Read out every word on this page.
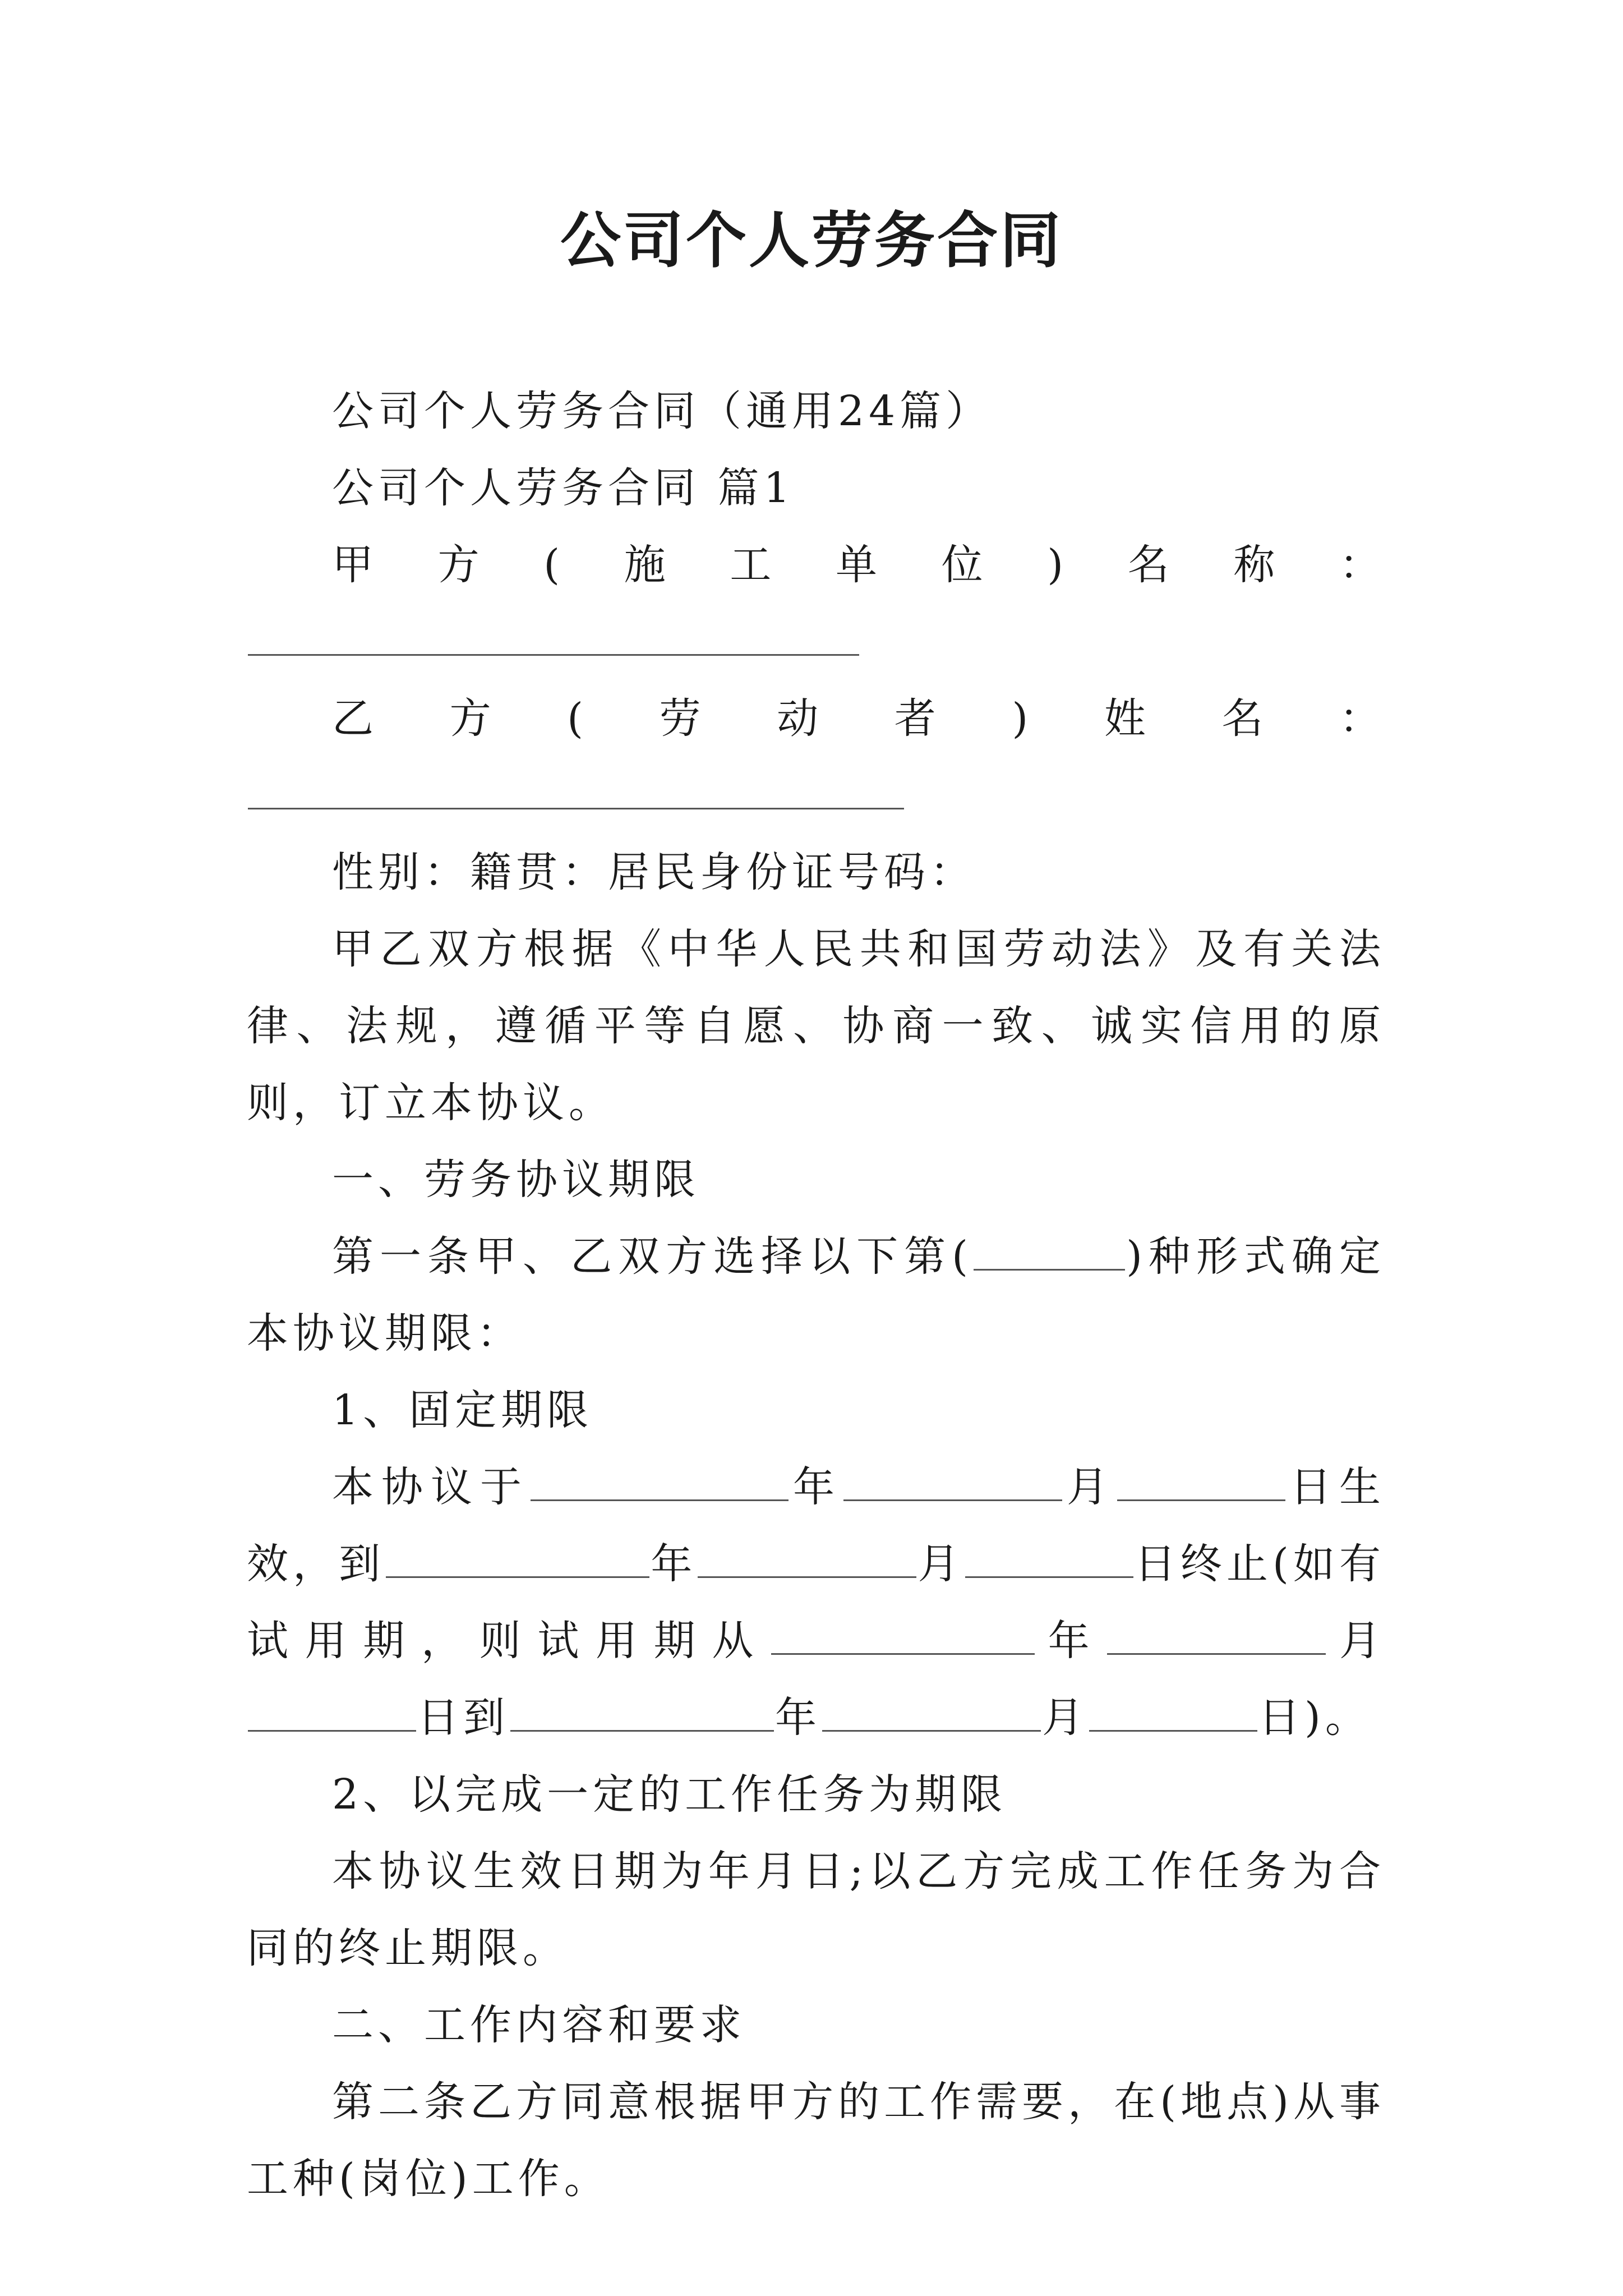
公司个人劳务合同

公司个人劳务合同（通用24篇）

公司个人劳务合同 篇1

甲方(施工单位)名称：

乙方(劳动者)姓名：

性别：籍贯：居民身份证号码：

甲乙双方根据《中华人民共和国劳动法》及有关法律、法规，遵循平等自愿、协商一致、诚实信用的原则，订立本协议。

一、劳务协议期限

第一条甲、乙双方选择以下第(	)种形式确定本协议期限：

1、固定期限

本协议于	年	月	日生效，到	年	月	日终止(如有试用期，则试用期从	年	月日到	年	月	日)。

2、以完成一定的工作任务为期限

本协议生效日期为年月日;以乙方完成工作任务为合同的终止期限。

二、工作内容和要求

第二条乙方同意根据甲方的工作需要，在(地点)从事工种(岗位)工作。
